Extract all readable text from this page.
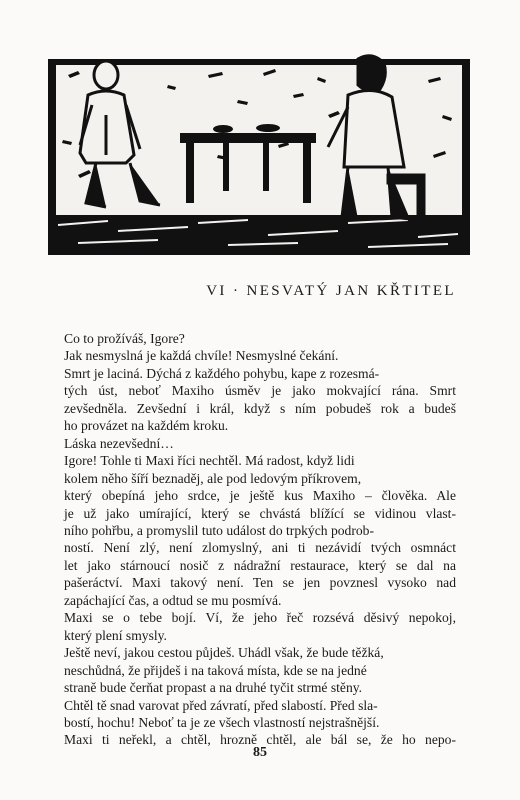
VI · NESVATÝ JAN KŘTITEL
Co to prožíváš, Igore?
Jak nesmyslná je každá chvíle! Nesmyslné čekání.
Smrt je laciná. Dýchá z každého pohybu, kape z rozesmá-
tých úst, neboť Maxiho úsměv je jako mokvající rána. Smrt
zevšedněla. Zevšední i král, když s ním pobudeš rok a budeš
ho provázet na každém kroku.
Láska nezevšední…
Igore! Tohle ti Maxi říci nechtěl. Má radost, když lidi
kolem něho šíří beznaděj, ale pod ledovým příkrovem,
který obepíná jeho srdce, je ještě kus Maxiho – člověka. Ale
je už jako umírající, který se chvástá blížící se vidinou vlast-
ního pohřbu, a promyslil tuto událost do trpkých podrob-
ností. Není zlý, není zlomyslný, ani ti nezávidí tvých osmnáct
let jako stárnoucí nosič z nádražní restaurace, který se dal na
pašeráctví. Maxi takový není. Ten se jen povznesl vysoko nad
zapáchající čas, a odtud se mu posmívá.
Maxi se o tebe bojí. Ví, že jeho řeč rozsévá děsivý nepokoj,
který plení smysly.
Ještě neví, jakou cestou půjdeš. Uhádl však, že bude těžká,
neschůdná, že přijdeš i na taková místa, kde se na jedné
straně bude čerňat propast a na druhé tyčit strmé stěny.
Chtěl tě snad varovat před závratí, před slabostí. Před sla-
bostí, hochu! Neboť ta je ze všech vlastností nejstrašnější.
Maxi ti neřekl, a chtěl, hrozně chtěl, ale bál se, že ho nepo-
85
